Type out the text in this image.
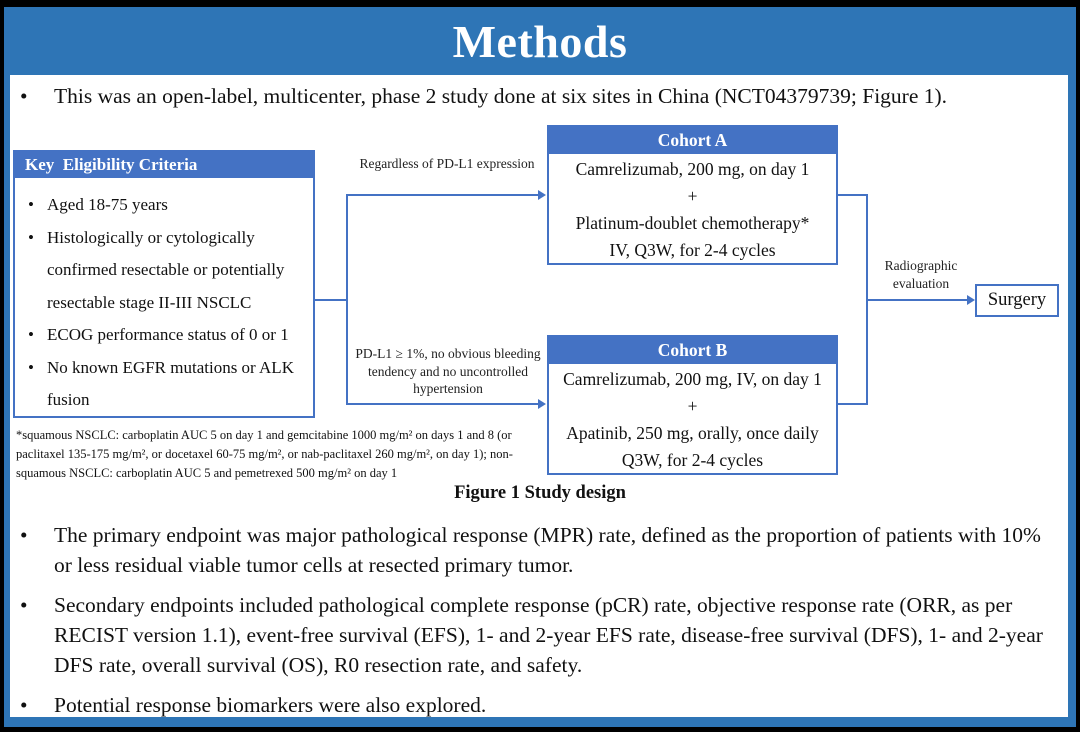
Methods
•
This was an open-label, multicenter, phase 2 study done at six sites in China (NCT04379739; Figure 1).
Key  Eligibility Criteria
•
Aged 18-75 years
•
Histologically or cytologically confirmed resectable or potentially resectable stage II-III NSCLC
•
ECOG performance status of 0 or 1
•
No known EGFR mutations or ALK fusion
Regardless of PD-L1 expression
PD-L1 ≥ 1%, no obvious bleeding tendency and no uncontrolled hypertension
Cohort A
Camrelizumab, 200 mg, on day 1
+
Platinum-doublet chemotherapy*
IV, Q3W, for 2-4 cycles
Cohort B
Camrelizumab, 200 mg, IV, on day 1
+
Apatinib, 250 mg, orally, once daily
Q3W, for 2-4 cycles
Radiographic evaluation
Surgery
*squamous NSCLC: carboplatin AUC 5 on day 1 and gemcitabine 1000 mg/m² on days 1 and 8 (or paclitaxel 135-175 mg/m², or docetaxel 60-75 mg/m², or nab-paclitaxel 260 mg/m², on day 1); non-squamous NSCLC: carboplatin AUC 5 and pemetrexed 500 mg/m² on day 1
Figure 1 Study design
•
The primary endpoint was major pathological response (MPR) rate, defined as the proportion of patients with 10% or less residual viable tumor cells at resected primary tumor.
•
Secondary endpoints included pathological complete response (pCR) rate, objective response rate (ORR, as per RECIST version 1.1), event-free survival (EFS), 1- and 2-year EFS rate, disease-free survival (DFS), 1- and 2-year DFS rate, overall survival (OS), R0 resection rate, and safety.
•
Potential response biomarkers were also explored.
